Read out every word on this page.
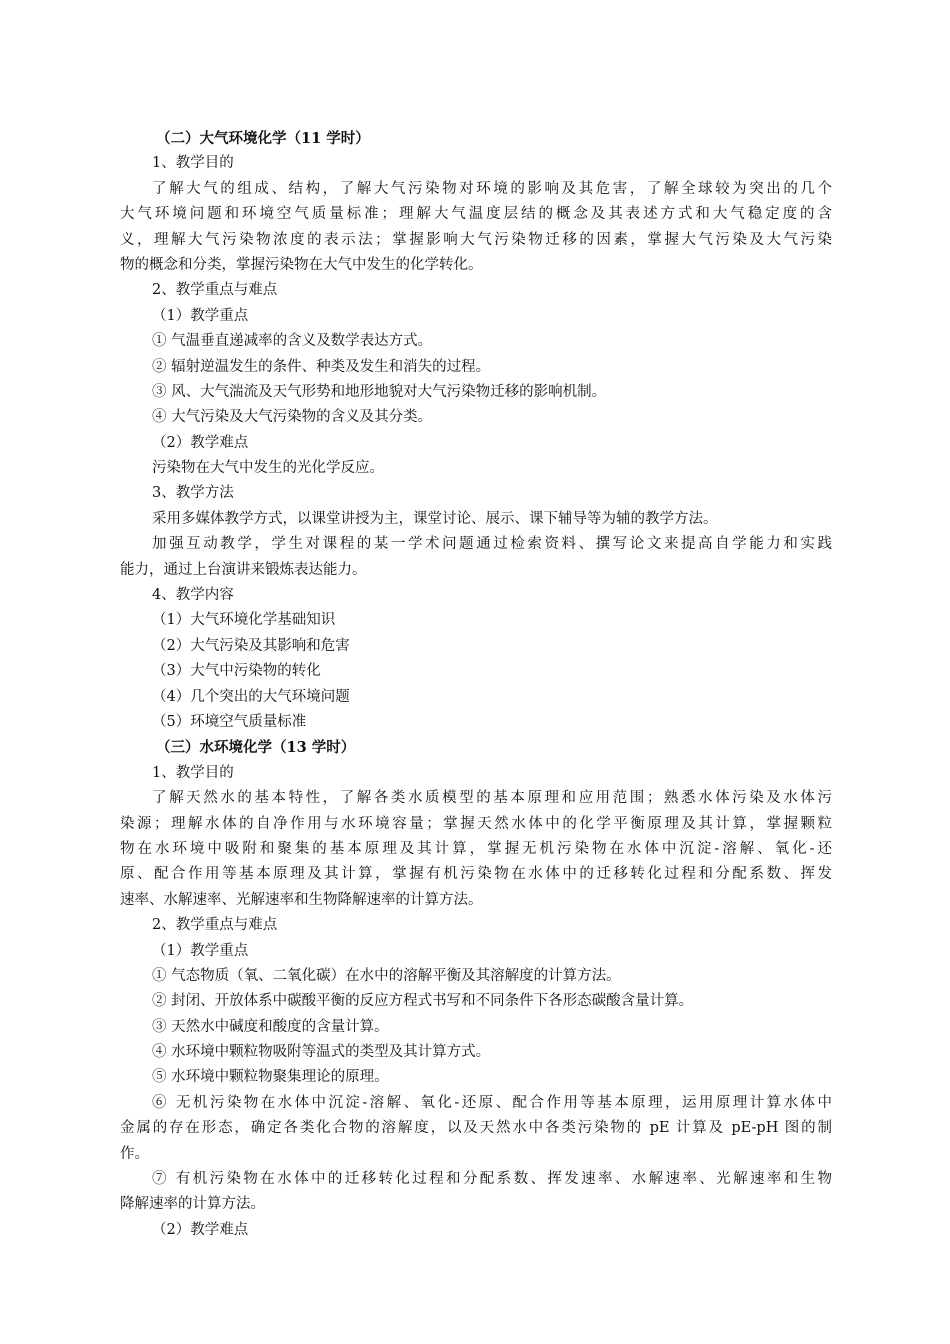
（二）大气环境化学（11 学时）
1、教学目的
了解大气的组成、结构，了解大气污染物对环境的影响及其危害，了解全球较为突出的几个
大气环境问题和环境空气质量标准；理解大气温度层结的概念及其表述方式和大气稳定度的含
义，理解大气污染物浓度的表示法；掌握影响大气污染物迁移的因素，掌握大气污染及大气污染
物的概念和分类，掌握污染物在大气中发生的化学转化。
2、教学重点与难点
（1）教学重点
① 气温垂直递减率的含义及数学表达方式。
② 辐射逆温发生的条件、种类及发生和消失的过程。
③ 风、大气湍流及天气形势和地形地貌对大气污染物迁移的影响机制。
④ 大气污染及大气污染物的含义及其分类。
（2）教学难点
污染物在大气中发生的光化学反应。
3、教学方法
采用多媒体教学方式，以课堂讲授为主，课堂讨论、展示、课下辅导等为辅的教学方法。
加强互动教学，学生对课程的某一学术问题通过检索资料、撰写论文来提高自学能力和实践
能力，通过上台演讲来锻炼表达能力。
4、教学内容
（1）大气环境化学基础知识
（2）大气污染及其影响和危害
（3）大气中污染物的转化
（4）几个突出的大气环境问题
（5）环境空气质量标准
（三）水环境化学（13 学时）
1、教学目的
了解天然水的基本特性，了解各类水质模型的基本原理和应用范围；熟悉水体污染及水体污
染源；理解水体的自净作用与水环境容量；掌握天然水体中的化学平衡原理及其计算，掌握颗粒
物在水环境中吸附和聚集的基本原理及其计算，掌握无机污染物在水体中沉淀-溶解、氧化-还
原、配合作用等基本原理及其计算，掌握有机污染物在水体中的迁移转化过程和分配系数、挥发
速率、水解速率、光解速率和生物降解速率的计算方法。
2、教学重点与难点
（1）教学重点
① 气态物质（氧、二氧化碳）在水中的溶解平衡及其溶解度的计算方法。
② 封闭、开放体系中碳酸平衡的反应方程式书写和不同条件下各形态碳酸含量计算。
③ 天然水中碱度和酸度的含量计算。
④ 水环境中颗粒物吸附等温式的类型及其计算方式。
⑤ 水环境中颗粒物聚集理论的原理。
⑥ 无机污染物在水体中沉淀-溶解、氧化-还原、配合作用等基本原理，运用原理计算水体中
金属的存在形态，确定各类化合物的溶解度，以及天然水中各类污染物的 pE 计算及 pE-pH 图的制
作。
⑦ 有机污染物在水体中的迁移转化过程和分配系数、挥发速率、水解速率、光解速率和生物
降解速率的计算方法。
（2）教学难点
